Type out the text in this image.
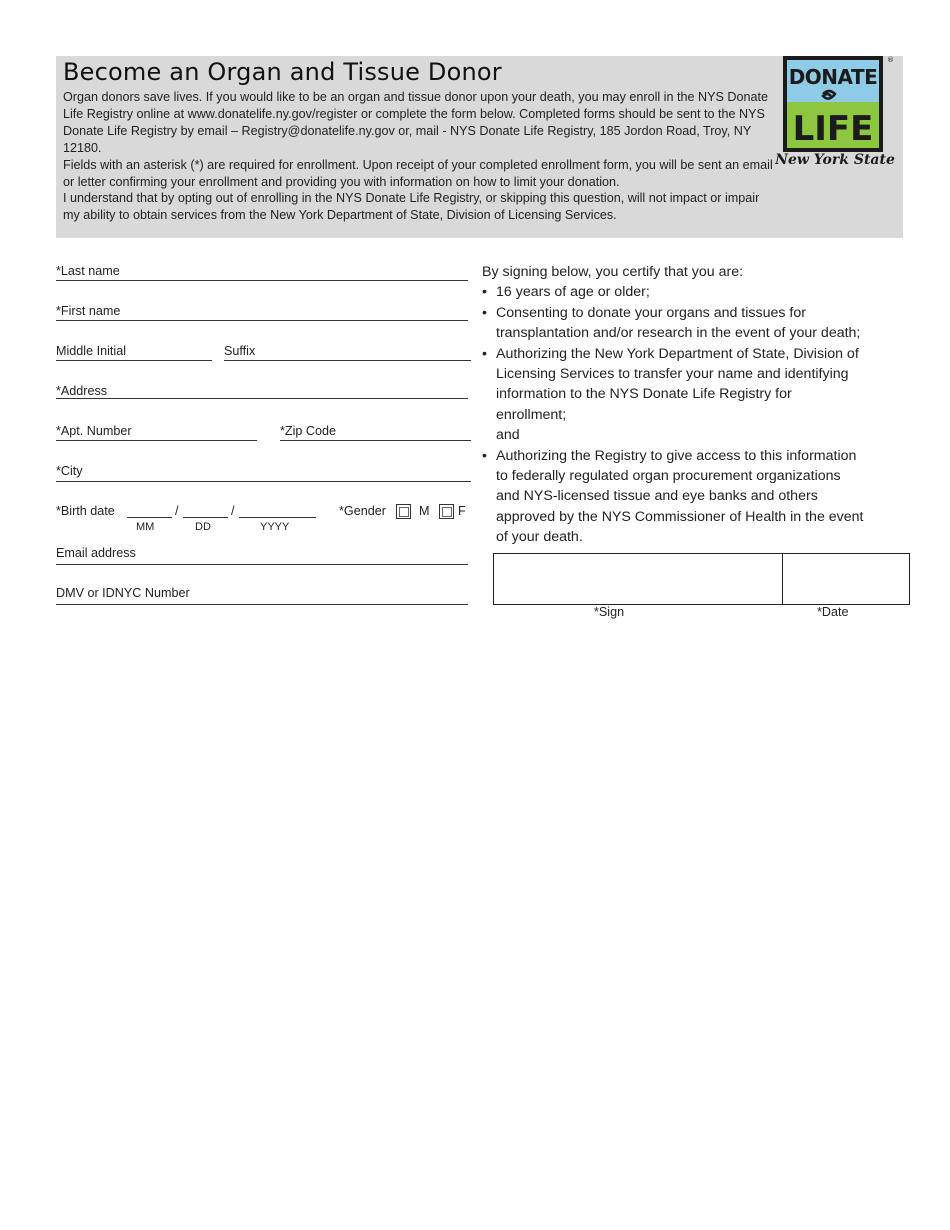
Become an Organ and Tissue Donor

Organ donors save lives. If you would like to be an organ and tissue donor upon your death, you may enroll in the NYS Donate Life Registry online at www.donatelife.ny.gov/register or complete the form below. Completed forms should be sent to the NYS Donate Life Registry by email – Registry@donatelife.ny.gov or, mail - NYS Donate Life Registry, 185 Jordon Road, Troy, NY 12180.

Fields with an asterisk (*) are required for enrollment. Upon receipt of your completed enrollment form, you will be sent an email or letter confirming your enrollment and providing you with information on how to limit your donation.

I understand that by opting out of enrolling in the NYS Donate Life Registry, or skipping this question, will not impact or impair my ability to obtain services from the New York Department of State, Division of Licensing Services.

DONATE
LIFE
New York State
®
*Last name
*First name
Middle Initial	Suffix
*Address
*Apt. Number	*Zip Code
*City
*Birth date	/	/
MM	DD	YYYY
*Gender	M F
Email address
DMV or IDNYC Number
By signing below, you certify that you are:
• 16 years of age or older;
• Consenting to donate your organs and tissues for
transplantation and/or research in the event of your death;
• Authorizing the New York Department of State, Division of
Licensing Services to transfer your name and identifying
information to the NYS Donate Life Registry for
enrollment;
and
• Authorizing the Registry to give access to this information
to federally regulated organ procurement organizations
and NYS-licensed tissue and eye banks and others
approved by the NYS Commissioner of Health in the event
of your death.
*Sign	*Date
